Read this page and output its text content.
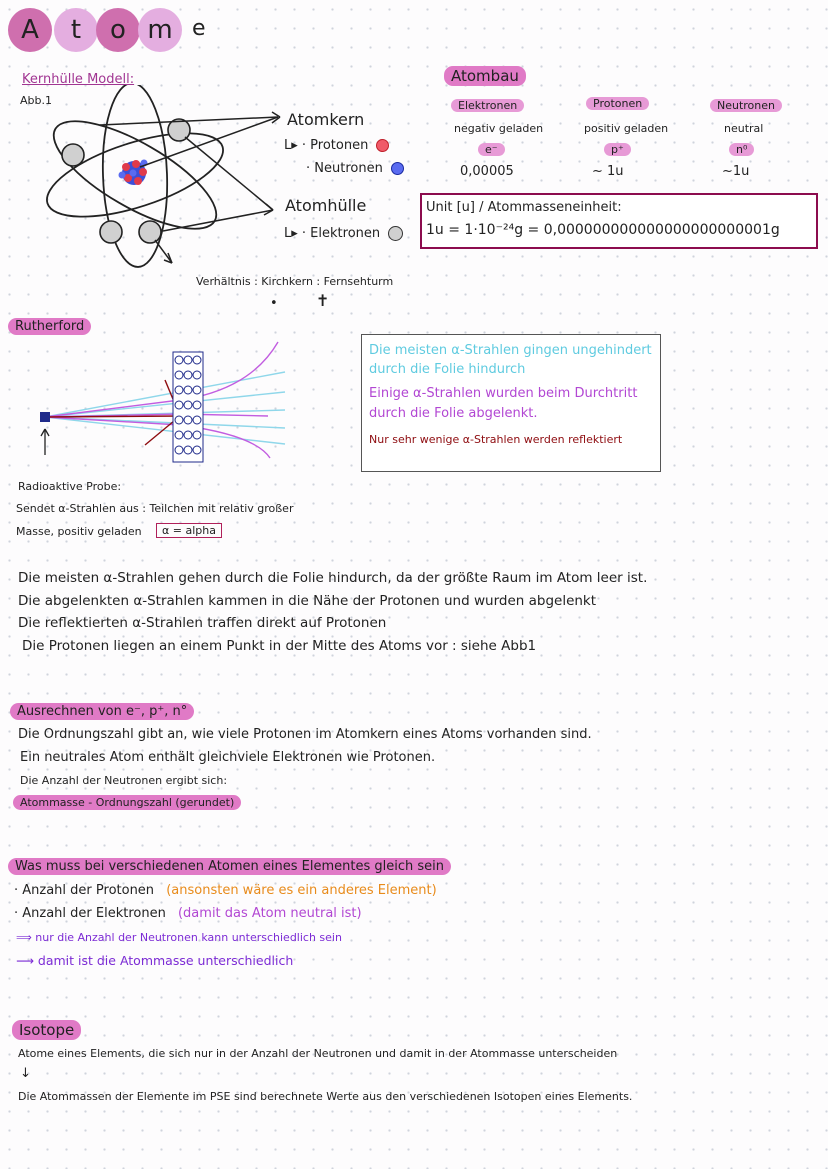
A	t	o m e
Kernhülle Modell:
Abb.1
Atomkern
L▸ · Protonen
· Neutronen
Atomhülle
L▸ · Elektronen
Verhältnis : Kirchkern : Fernsehturm
• ✝
Atombau
Elektronen	Protonen	Neutronen
negativ geladen	positiv geladen	neutral
e⁻	p⁺	n⁰
0,00005	~ 1u	~1u
Unit [u] / Atommasseneinheit:
1u = 1·10⁻²⁴g = 0,000000000000000000000001g
Rutherford
Die meisten α-Strahlen gingen ungehindert
durch die Folie hindurch
Einige α-Strahlen wurden beim Durchtritt
durch die Folie abgelenkt.
Nur sehr wenige α-Strahlen werden reflektiert
Radioaktive Probe:
Sendet α-Strahlen aus : Teilchen mit relativ großer
Masse, positiv geladen	α = alpha
Die meisten α-Strahlen gehen durch die Folie hindurch, da der größte Raum im Atom leer ist.
Die abgelenkten α-Strahlen kammen in die Nähe der Protonen und wurden abgelenkt
Die reflektierten α-Strahlen traffen direkt auf Protonen
Die Protonen liegen an einem Punkt in der Mitte des Atoms vor : siehe Abb1
Ausrechnen von e⁻, p⁺, n°
Die Ordnungszahl gibt an, wie viele Protonen im Atomkern eines Atoms vorhanden sind.
Ein neutrales Atom enthält gleichviele Elektronen wie Protonen.
Die Anzahl der Neutronen ergibt sich:
Atommasse - Ordnungszahl (gerundet)
Was muss bei verschiedenen Atomen eines Elementes gleich sein
· Anzahl der Protonen (ansonsten wäre es ein anderes Element)
· Anzahl der Elektronen (damit das Atom neutral ist)
⟹ nur die Anzahl der Neutronen kann unterschiedlich sein
⟶ damit ist die Atommasse unterschiedlich
Isotope
Atome eines Elements, die sich nur in der Anzahl der Neutronen und damit in der Atommasse unterscheiden
↓
Die Atommassen der Elemente im PSE sind berechnete Werte aus den verschiedenen Isotopen eines Elements.
